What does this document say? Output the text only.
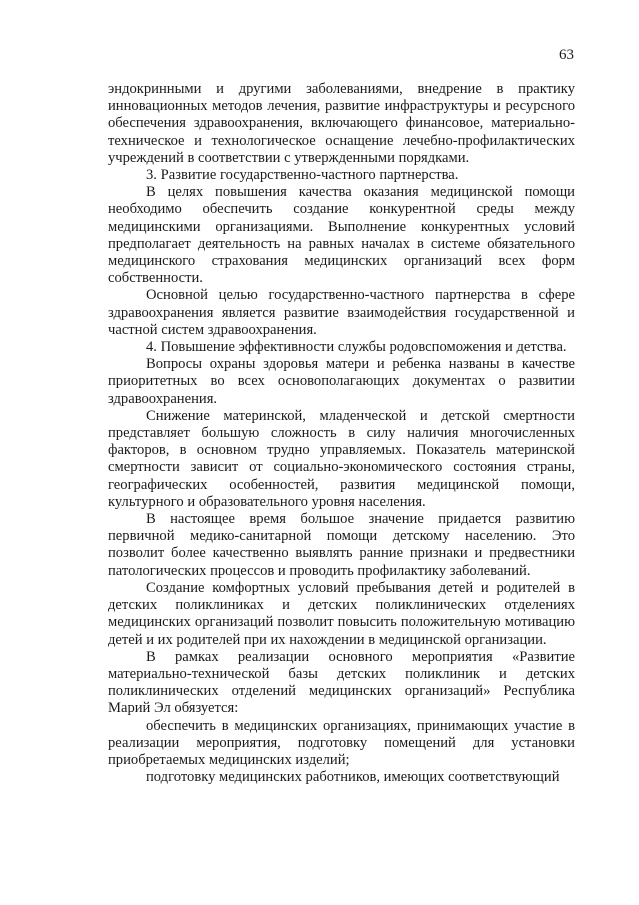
63

эндокринными и другими заболеваниями, внедрение в практику инновационных методов лечения, развитие инфраструктуры и ресурсного обеспечения здравоохранения, включающего финансовое, материально-техническое и технологическое оснащение лечебно-профилактических учреждений в соответствии с утвержденными порядками.

3. Развитие государственно-частного партнерства.

В целях повышения качества оказания медицинской помощи необходимо обеспечить создание конкурентной среды между медицинскими организациями. Выполнение конкурентных условий предполагает деятельность на равных началах в системе обязательного медицинского страхования медицинских организаций всех форм собственности.

Основной целью государственно-частного партнерства в сфере здравоохранения является развитие взаимодействия государственной и частной систем здравоохранения.

4. Повышение эффективности службы родовспоможения и детства.

Вопросы охраны здоровья матери и ребенка названы в качестве приоритетных во всех основополагающих документах о развитии здравоохранения.

Снижение материнской, младенческой и детской смертности представляет большую сложность в силу наличия многочисленных факторов, в основном трудно управляемых. Показатель материнской смертности зависит от социально-экономического состояния страны, географических особенностей, развития медицинской помощи, культурного и образовательного уровня населения.

В настоящее время большое значение придается развитию первичной медико-санитарной помощи детскому населению. Это позволит более качественно выявлять ранние признаки и предвестники патологических процессов и проводить профилактику заболеваний.

Создание комфортных условий пребывания детей и родителей в детских поликлиниках и детских поликлинических отделениях медицинских организаций позволит повысить положительную мотивацию детей и их родителей при их нахождении в медицинской организации.

В рамках реализации основного мероприятия «Развитие материально-технической базы детских поликлиник и детских поликлинических отделений медицинских организаций» Республика Марий Эл обязуется:

обеспечить в медицинских организациях, принимающих участие в реализации мероприятия, подготовку помещений для установки приобретаемых медицинских изделий;

подготовку медицинских работников, имеющих соответствующий
